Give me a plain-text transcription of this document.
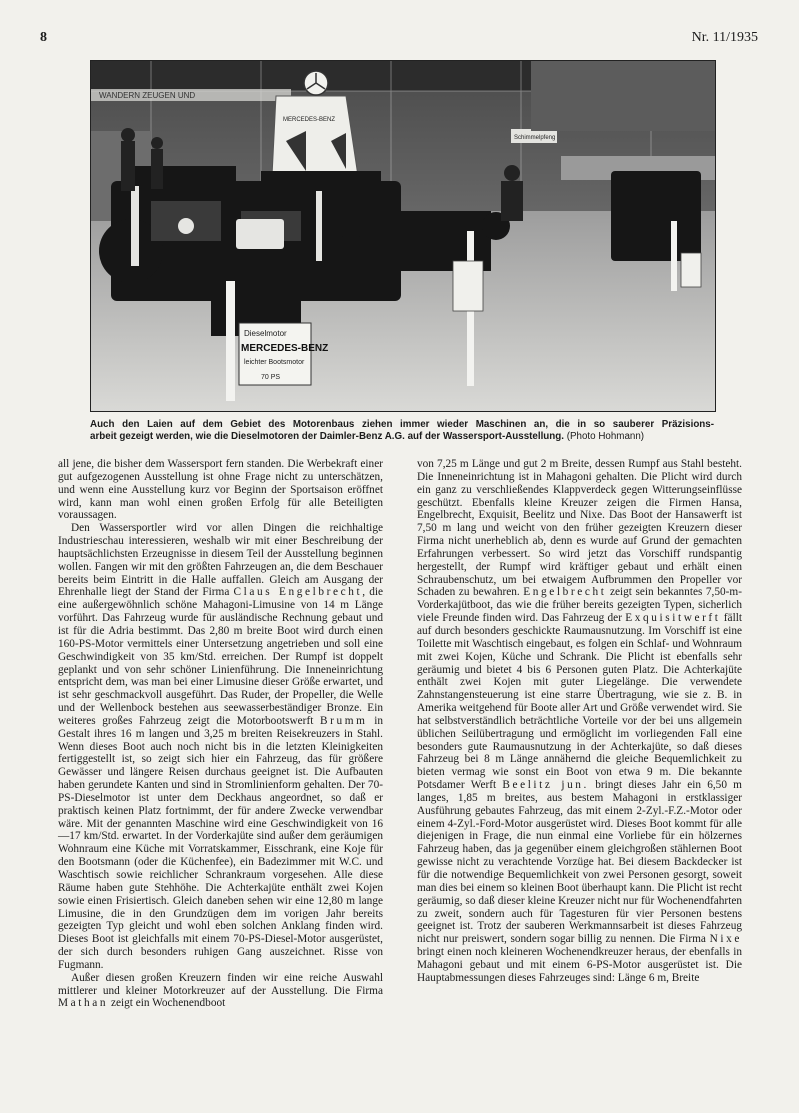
8	Nr. 11/1935
WANDERN ZEUGEN UND
Schimmelpfeng
MERCEDES-BENZ
Dieselmotor
MERCEDES-BENZ
leichter Bootsmotor
70 PS
Auch den Laien auf dem Gebiet des Motorenbaus ziehen immer wieder Maschinen an, die in so sauberer Präzisions-
arbeit gezeigt werden, wie die Dieselmotoren der Daimler-Benz A.G. auf der Wassersport-Ausstellung. (Photo Hohmann)

all jene, die bisher dem Wassersport fern standen. Die Werbekraft einer gut aufgezogenen Ausstellung ist ohne Frage nicht zu unterschätzen, und wenn eine Ausstellung kurz vor Beginn der Sportsaison eröffnet wird, kann man wohl einen großen Erfolg für alle Beteiligten voraussagen.

Den Wassersportler wird vor allen Dingen die reichhaltige Industrieschau interessieren, weshalb wir mit einer Beschreibung der hauptsächlichsten Erzeugnisse in diesem Teil der Ausstellung beginnen wollen. Fangen wir mit den größten Fahrzeugen an, die dem Beschauer bereits beim Eintritt in die Halle auffallen. Gleich am Ausgang der Ehrenhalle liegt der Stand der Firma Claus Engelbrecht, die eine außergewöhnlich schöne Mahagoni-Limusine von 14 m Länge vorführt. Das Fahrzeug wurde für ausländische Rechnung gebaut und ist für die Adria bestimmt. Das 2,80 m breite Boot wird durch einen 160-PS-Motor vermittels einer Untersetzung angetrieben und soll eine Geschwindigkeit von 35 km/Std. erreichen. Der Rumpf ist doppelt geplankt und von sehr schöner Linienführung. Die Inneneinrichtung entspricht dem, was man bei einer Limusine dieser Größe erwartet, und ist sehr geschmackvoll ausgeführt. Das Ruder, der Propeller, die Welle und der Wellenbock bestehen aus seewasserbeständiger Bronze. Ein weiteres großes Fahrzeug zeigt die Motorbootswerft Brumm in Gestalt ihres 16 m langen und 3,25 m breiten Reisekreuzers in Stahl. Wenn dieses Boot auch noch nicht bis in die letzten Kleinigkeiten fertiggestellt ist, so zeigt sich hier ein Fahrzeug, das für größere Gewässer und längere Reisen durchaus geeignet ist. Die Aufbauten haben gerundete Kanten und sind in Stromlinienform gehalten. Der 70-PS-Dieselmotor ist unter dem Deckhaus angeordnet, so daß er praktisch keinen Platz fortnimmt, der für andere Zwecke verwendbar wäre. Mit der genannten Maschine wird eine Geschwindigkeit von 16—17 km/Std. erwartet. In der Vorderkajüte sind außer dem geräumigen Wohnraum eine Küche mit Vorratskammer, Eisschrank, eine Koje für den Bootsmann (oder die Küchenfee), ein Badezimmer mit W.C. und Waschtisch sowie reichlicher Schrankraum vorgesehen. Alle diese Räume haben gute Stehhöhe. Die Achterkajüte enthält zwei Kojen sowie einen Frisiertisch. Gleich daneben sehen wir eine 12,80 m lange Limusine, die in den Grundzügen dem im vorigen Jahr bereits gezeigten Typ gleicht und wohl eben solchen Anklang finden wird. Dieses Boot ist gleichfalls mit einem 70-PS-Diesel-Motor ausgerüstet, der sich durch besonders ruhigen Gang auszeichnet. Risse von Fugmann.

Außer diesen großen Kreuzern finden wir eine reiche Auswahl mittlerer und kleiner Motorkreuzer auf der Ausstellung. Die Firma Mathan zeigt ein Wochenendboot

von 7,25 m Länge und gut 2 m Breite, dessen Rumpf aus Stahl besteht. Die Inneneinrichtung ist in Mahagoni gehalten. Die Plicht wird durch ein ganz zu verschließendes Klappverdeck gegen Witterungseinflüsse geschützt. Ebenfalls kleine Kreuzer zeigen die Firmen Hansa, Engelbrecht, Exquisit, Beelitz und Nixe. Das Boot der Hansawerft ist 7,50 m lang und weicht von den früher gezeigten Kreuzern dieser Firma nicht unerheblich ab, denn es wurde auf Grund der gemachten Erfahrungen verbessert. So wird jetzt das Vorschiff rundspantig hergestellt, der Rumpf wird kräftiger gebaut und erhält einen Schraubenschutz, um bei etwaigem Aufbrummen den Propeller vor Schaden zu bewahren. Engelbrecht zeigt sein bekanntes 7,50-m-Vorderkajütboot, das wie die früher bereits gezeigten Typen, sicherlich viele Freunde finden wird. Das Fahrzeug der Exquisitwerft fällt auf durch besonders geschickte Raumausnutzung. Im Vorschiff ist eine Toilette mit Waschtisch eingebaut, es folgen ein Schlaf- und Wohnraum mit zwei Kojen, Küche und Schrank. Die Plicht ist ebenfalls sehr geräumig und bietet 4 bis 6 Personen guten Platz. Die Achterkajüte enthält zwei Kojen mit guter Liegelänge. Die verwendete Zahnstangensteuerung ist eine starre Übertragung, wie sie z. B. in Amerika weitgehend für Boote aller Art und Größe verwendet wird. Sie hat selbstverständlich beträchtliche Vorteile vor der bei uns allgemein üblichen Seilübertragung und ermöglicht im vorliegenden Fall eine besonders gute Raumausnutzung in der Achterkajüte, so daß dieses Fahrzeug bei 8 m Länge annähernd die gleiche Bequemlichkeit zu bieten vermag wie sonst ein Boot von etwa 9 m. Die bekannte Potsdamer Werft Beelitz jun. bringt dieses Jahr ein 6,50 m langes, 1,85 m breites, aus bestem Mahagoni in erstklassiger Ausführung gebautes Fahrzeug, das mit einem 2-Zyl.-F.Z.-Motor oder einem 4-Zyl.-Ford-Motor ausgerüstet wird. Dieses Boot kommt für alle diejenigen in Frage, die nun einmal eine Vorliebe für ein hölzernes Fahrzeug haben, das ja gegenüber einem gleichgroßen stählernen Boot gewisse nicht zu verachtende Vorzüge hat. Bei diesem Backdecker ist für die notwendige Bequemlichkeit von zwei Personen gesorgt, soweit man dies bei einem so kleinen Boot überhaupt kann. Die Plicht ist recht geräumig, so daß dieser kleine Kreuzer nicht nur für Wochenendfahrten zu zweit, sondern auch für Tagesturen für vier Personen bestens geeignet ist. Trotz der sauberen Werkmannsarbeit ist dieses Fahrzeug nicht nur preiswert, sondern sogar billig zu nennen. Die Firma Nixe bringt einen noch kleineren Wochenendkreuzer heraus, der ebenfalls in Mahagoni gebaut und mit einem 6-PS-Motor ausgerüstet ist. Die Hauptabmessungen dieses Fahrzeuges sind: Länge 6 m, Breite
